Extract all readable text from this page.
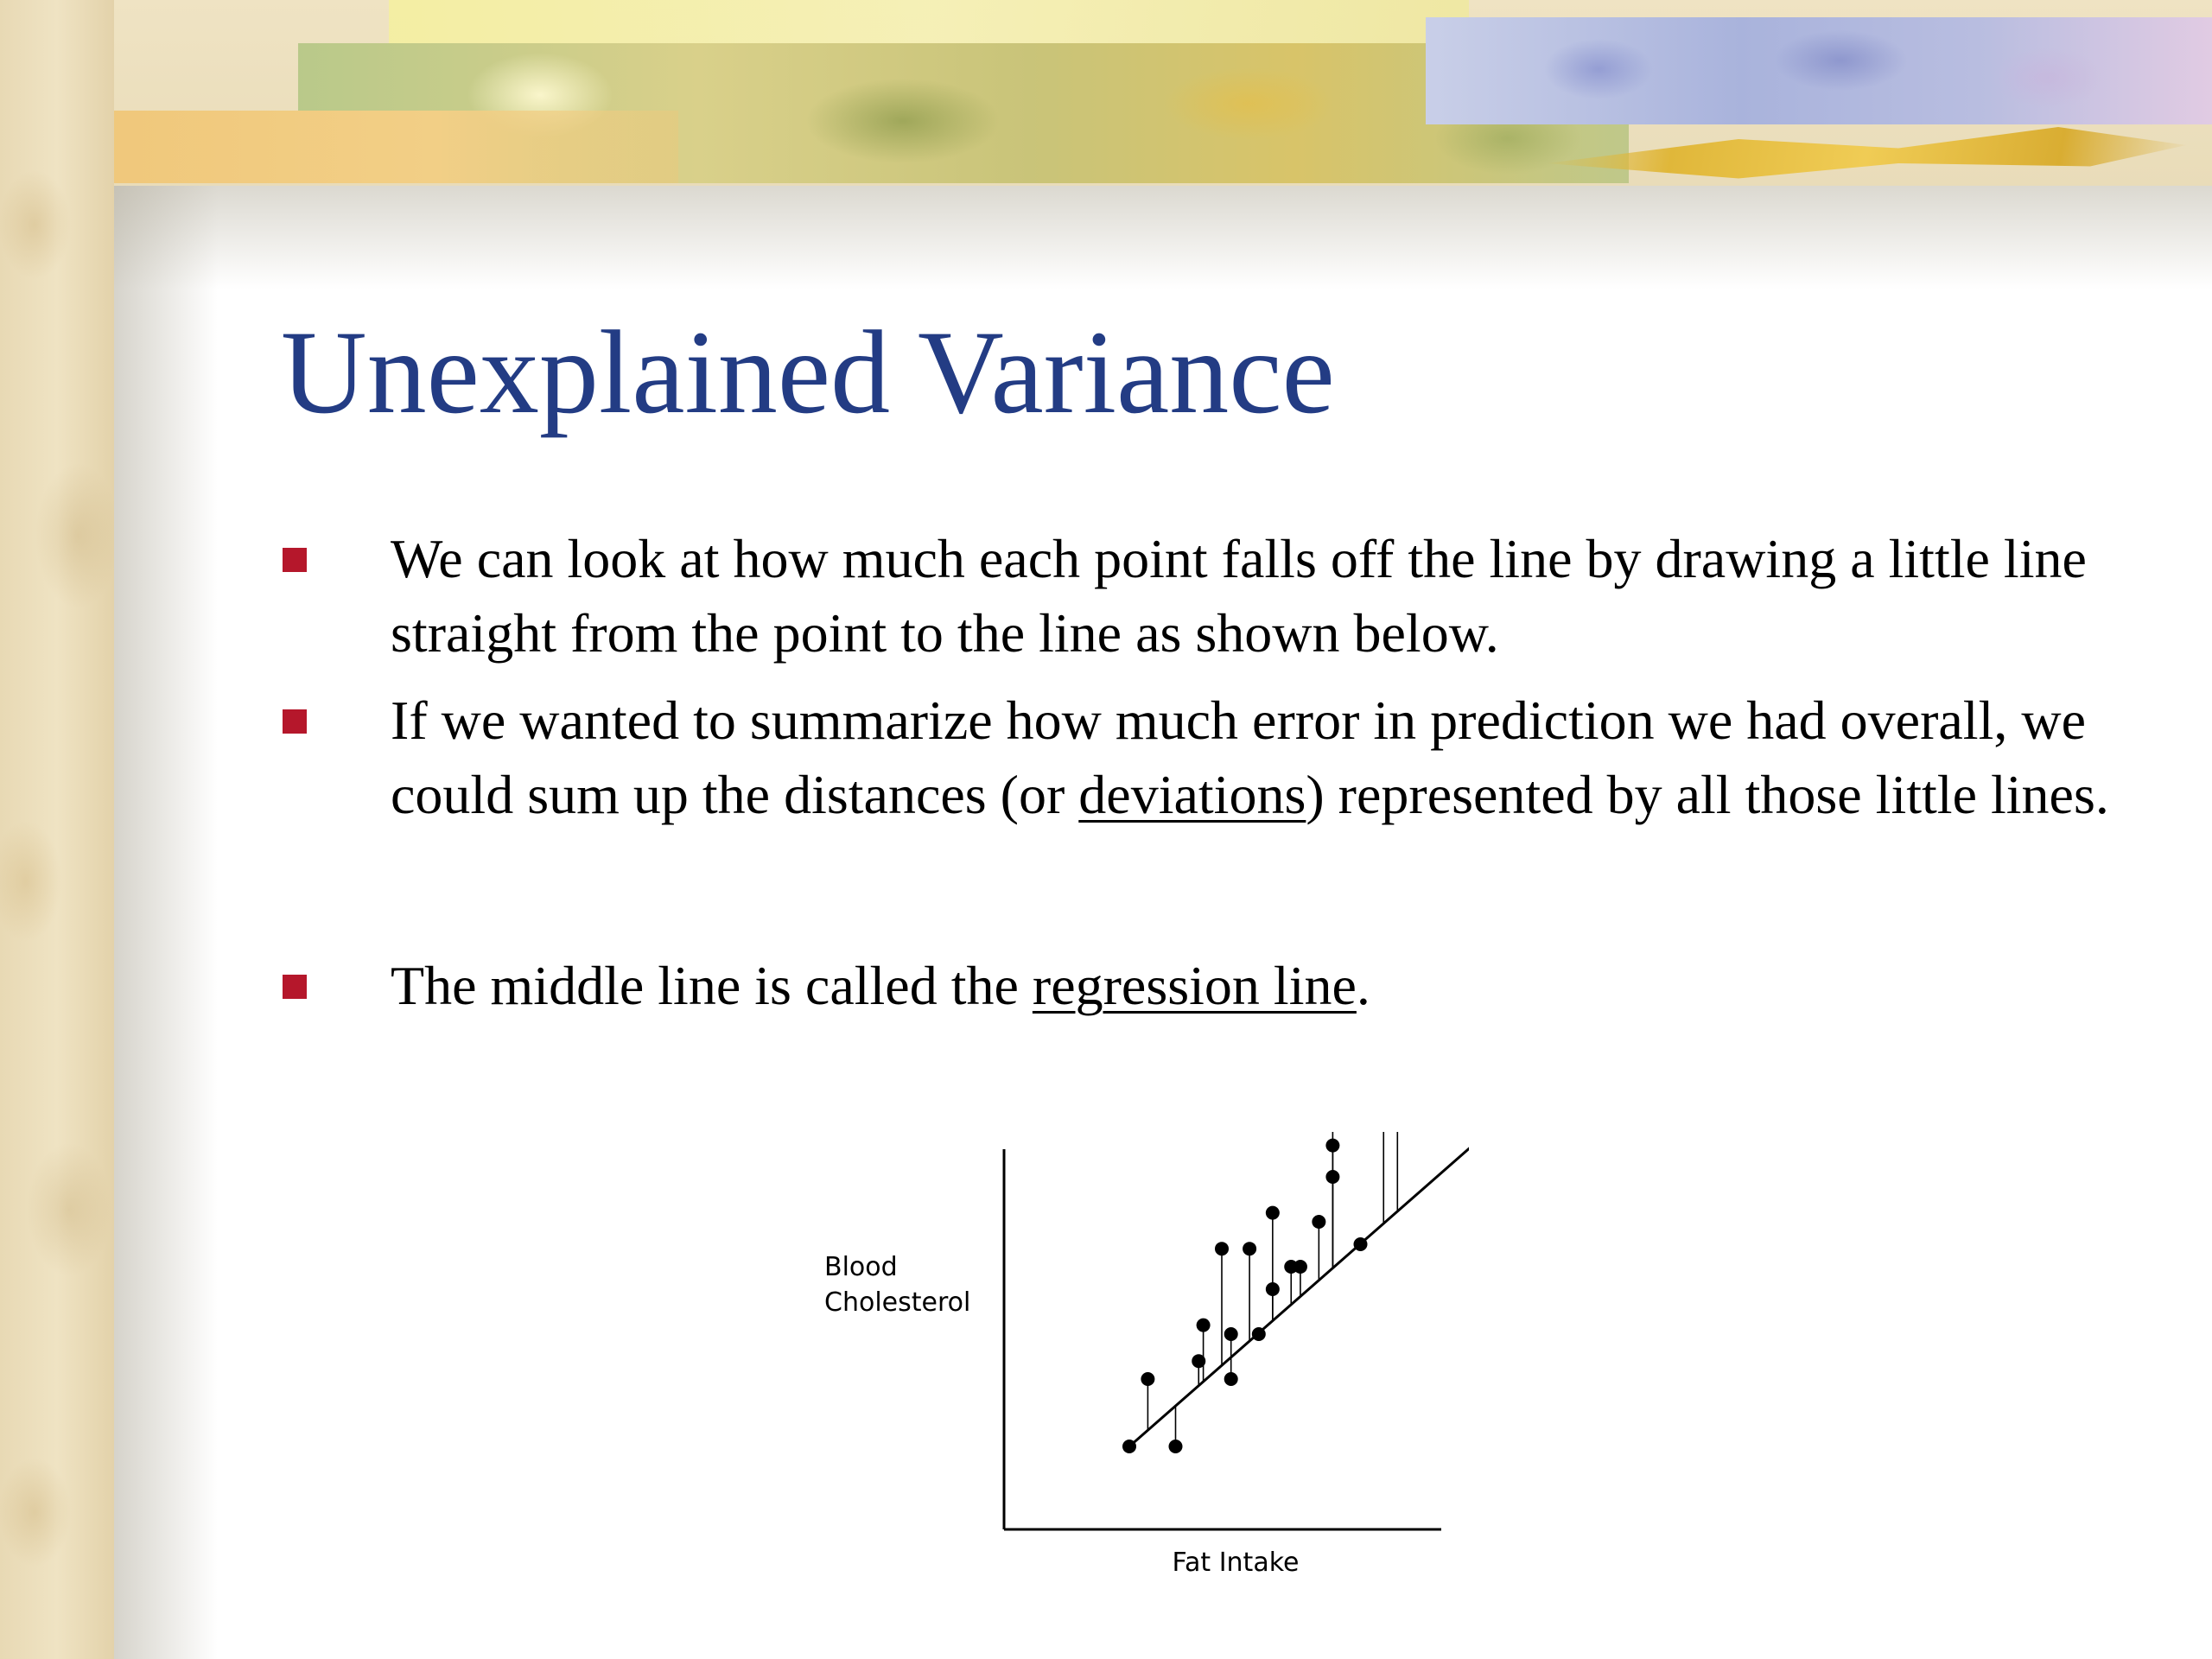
Unexplained Variance
We can look at how much each point falls off the line by drawing a little line straight from the point to the line as shown below.
If we wanted to summarize how much error in prediction we had overall, we could sum up the distances (or deviations) represented by all those little lines.
The middle line is called the regression line.
Blood
Cholesterol
Fat Intake
